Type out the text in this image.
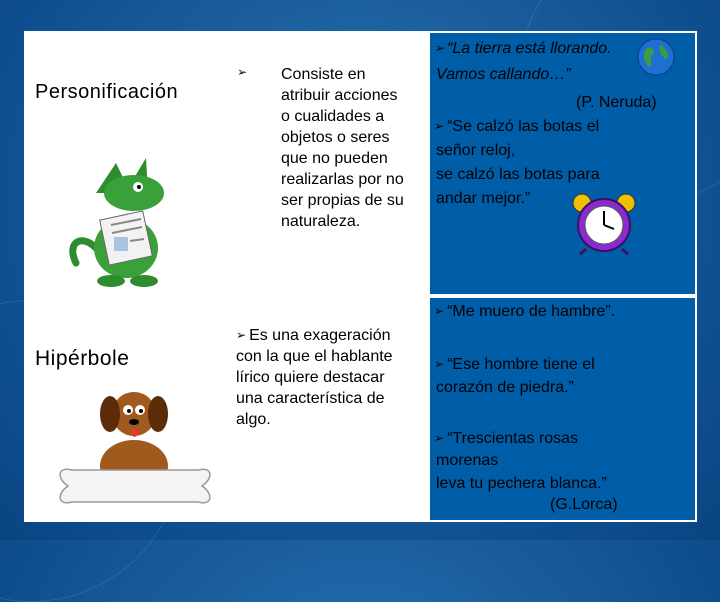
Personificación
➢ Consiste en
atribuir acciones
o cualidades a
objetos o seres
que no pueden
realizarlas por no
ser propias de su
naturaleza.
➢ “La tierra está llorando.
Vamos callando…”
(P. Neruda)
➢ “Se calzó las botas el
señor reloj,
se calzó las botas para
andar mejor.”
Hipérbole
➢ Es una exageración
con la que el hablante
lírico quiere destacar
una característica de
algo.
➢ “Me muero de hambre”.
➢ “Ese hombre tiene el
corazón de piedra.”
➢ “Trescientas rosas
morenas
leva tu pechera blanca.”
(G.Lorca)
